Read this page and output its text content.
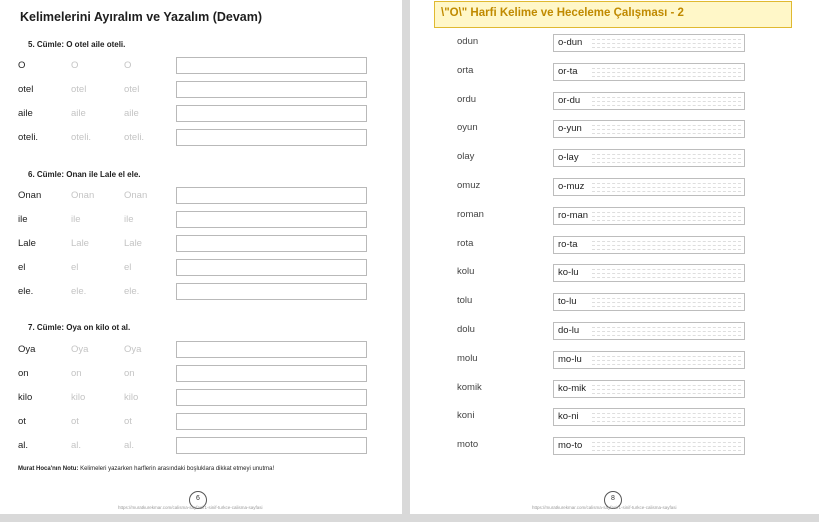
Kelimelerini Ayıralım ve Yazalım (Devam)
5. Cümle: O otel aile oteli.
6. Cümle: Onan ile Lale el ele.
7. Cümle: Oya on kilo ot al.
O	O	O
otel	otel	otel
aile	aile	aile
oteli.	oteli.	oteli.
Onan	Onan	Onan
ile	ile	ile
Lale	Lale	Lale
el	el	el
ele.	ele.	ele.
Oya	Oya	Oya
on	on	on
kilo	kilo	kilo
ot	ot	ot
al.	al.	al.
Murat Hoca'nın Notu: Kelimeleri yazarken harflerin arasındaki boşluklara dikkat etmeyi unutma!
6
https://muratkurekmar.com/calisma-sayfasi/1-sinif-turkce-calisma-sayfasi
\"O\" Harfi Kelime ve Heceleme Çalışması - 2
odun	o-dun
orta	or-ta
ordu	or-du
oyun	o-yun
olay	o-lay
omuz	o-muz
roman	ro-man
rota	ro-ta
kolu	ko-lu
tolu	to-lu
dolu	do-lu
molu	mo-lu
komik	ko-mik
koni	ko-ni
moto	mo-to
8
https://muratkurekmar.com/calisma-sayfasi/1-sinif-turkce-calisma-sayfasi
